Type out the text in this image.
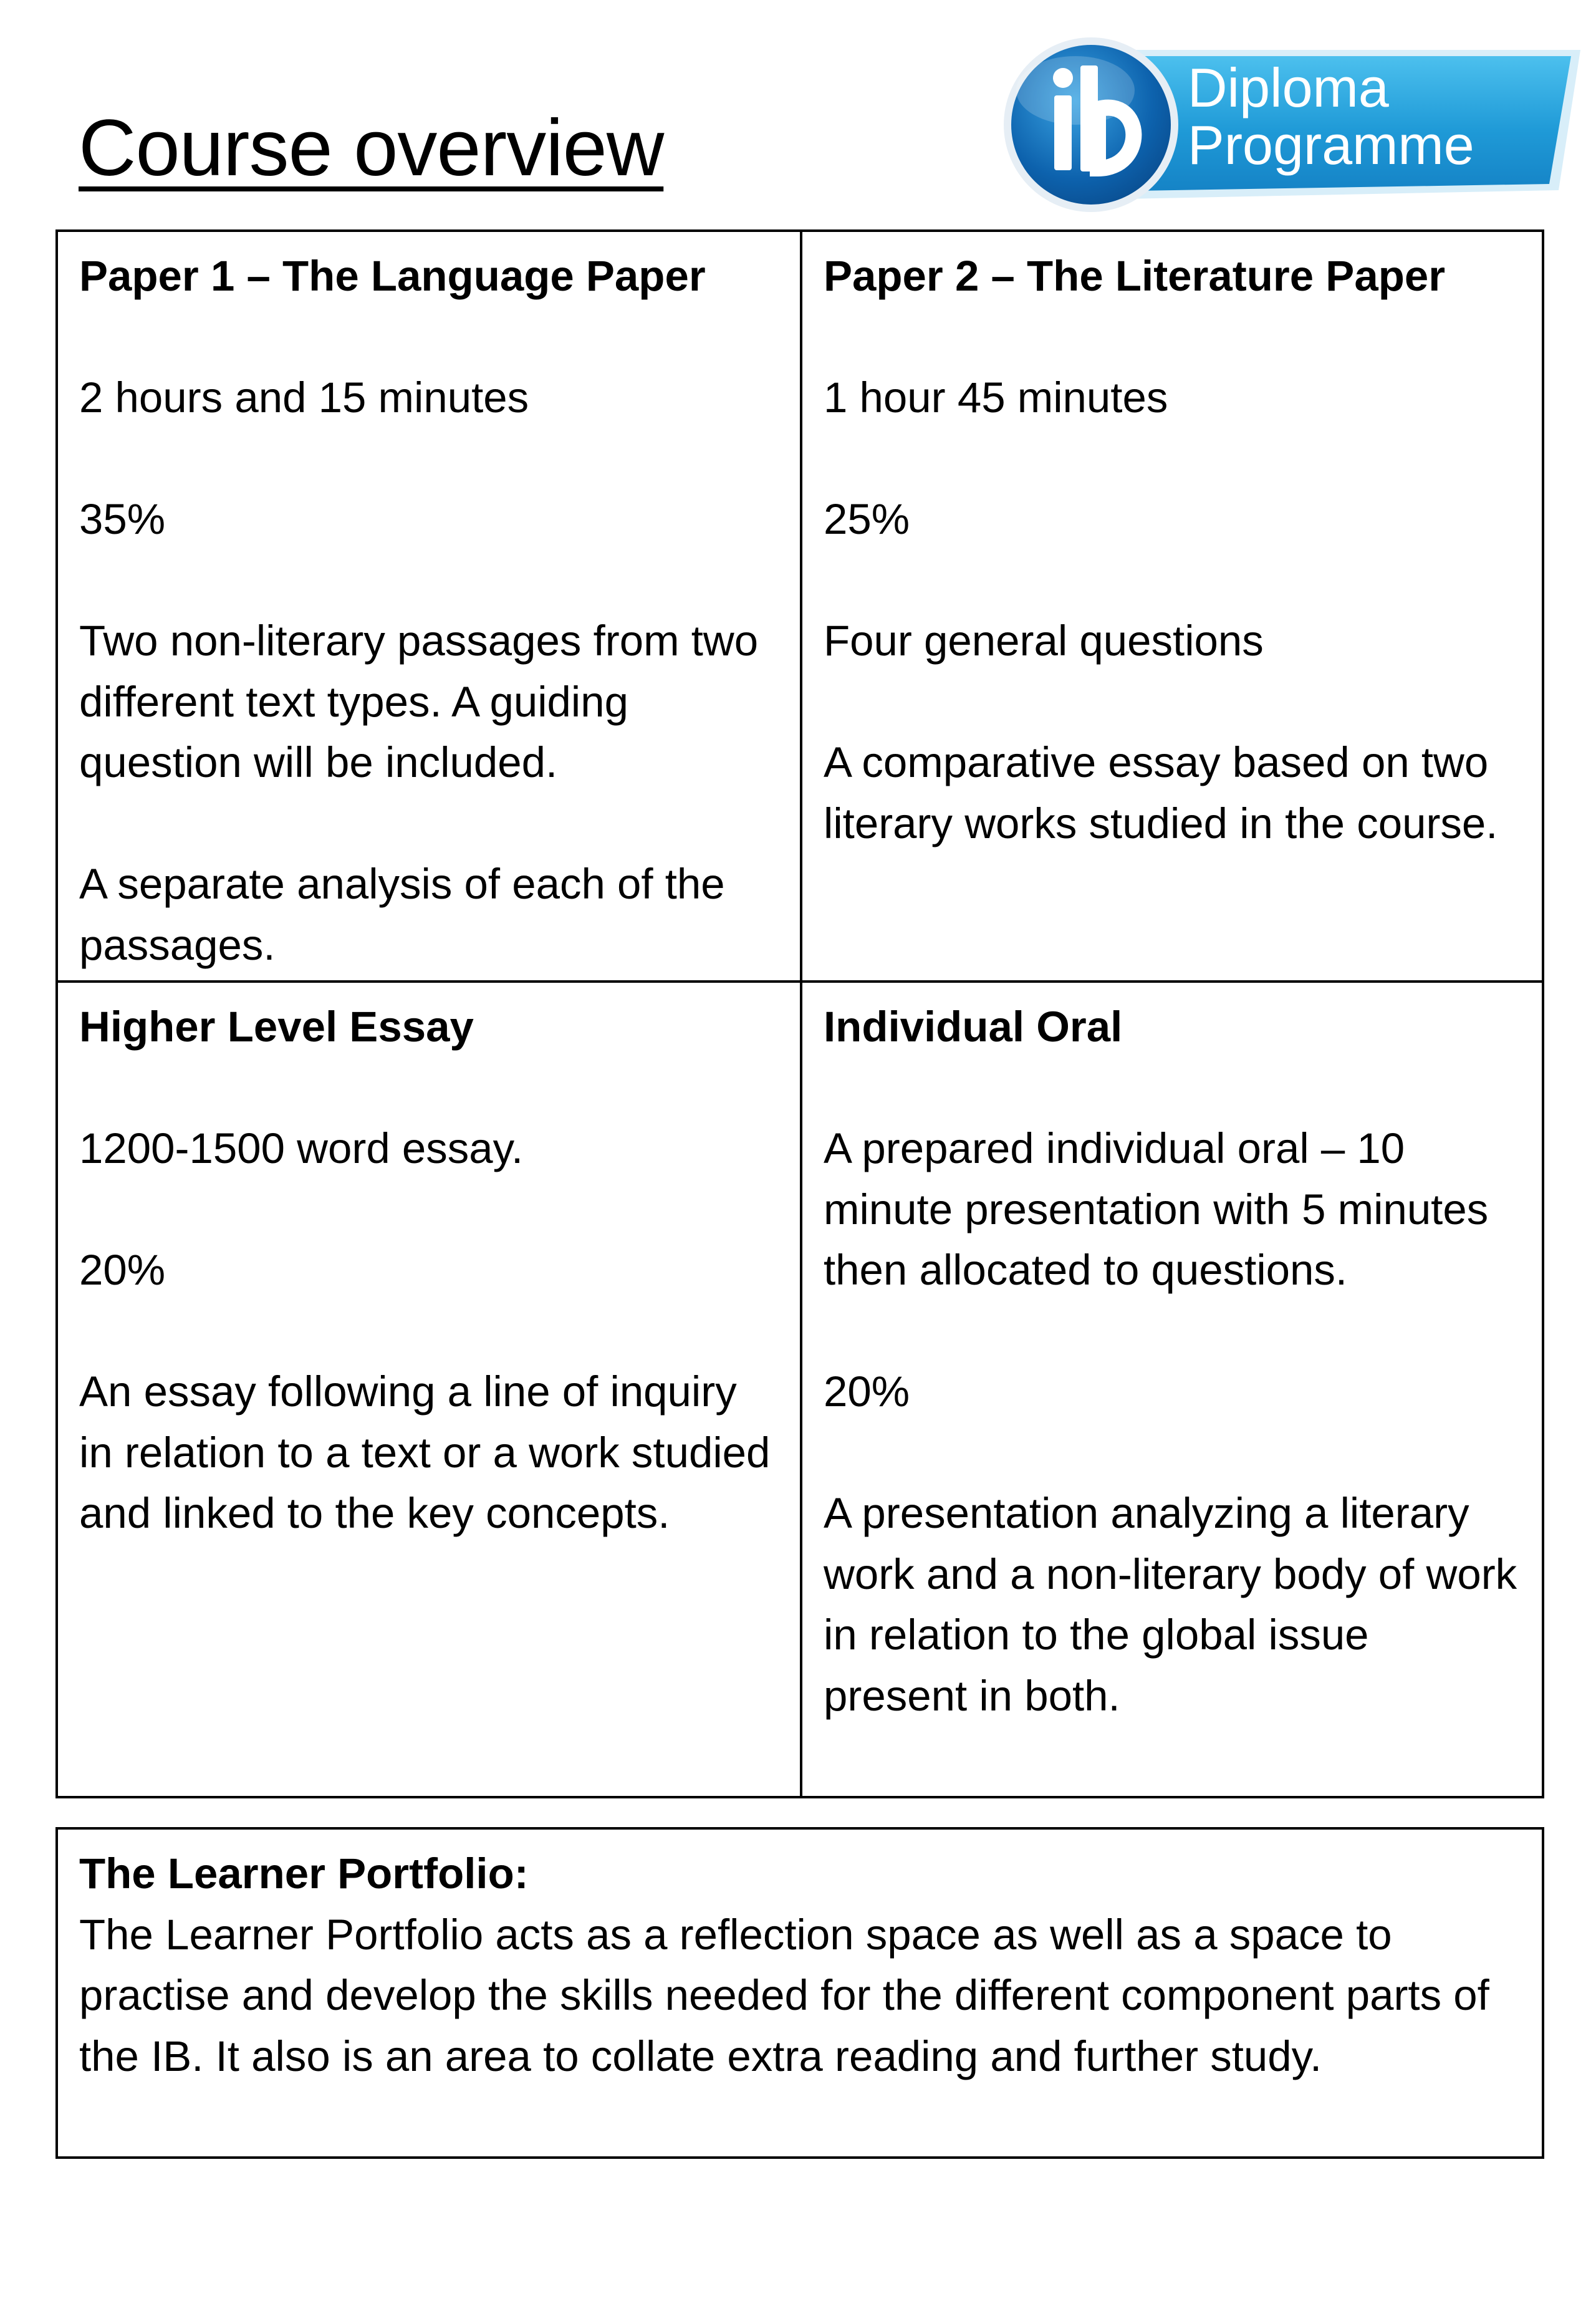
Course overview
Diploma
Programme

Paper 1 – The Language Paper

2 hours and 15 minutes

35%

Two non-literary passages from two different text types. A guiding question will be included.

A separate analysis of each of the passages.

Paper 2 – The Literature Paper

1 hour 45 minutes

25%

Four general questions

A comparative essay based on two literary works studied in the course.

Higher Level Essay

1200-1500 word essay.

20%

An essay following a line of inquiry in relation to a text or a work studied and linked to the key concepts.

Individual Oral

A prepared individual oral – 10 minute presentation with 5 minutes then allocated to questions.

20%

A presentation analyzing a literary work and a non-literary body of work in relation to the global issue present in both.

The Learner Portfolio:

The Learner Portfolio acts as a reflection space as well as a space to practise and develop the skills needed for the different component parts of the IB. It also is an area to collate extra reading and further study.
